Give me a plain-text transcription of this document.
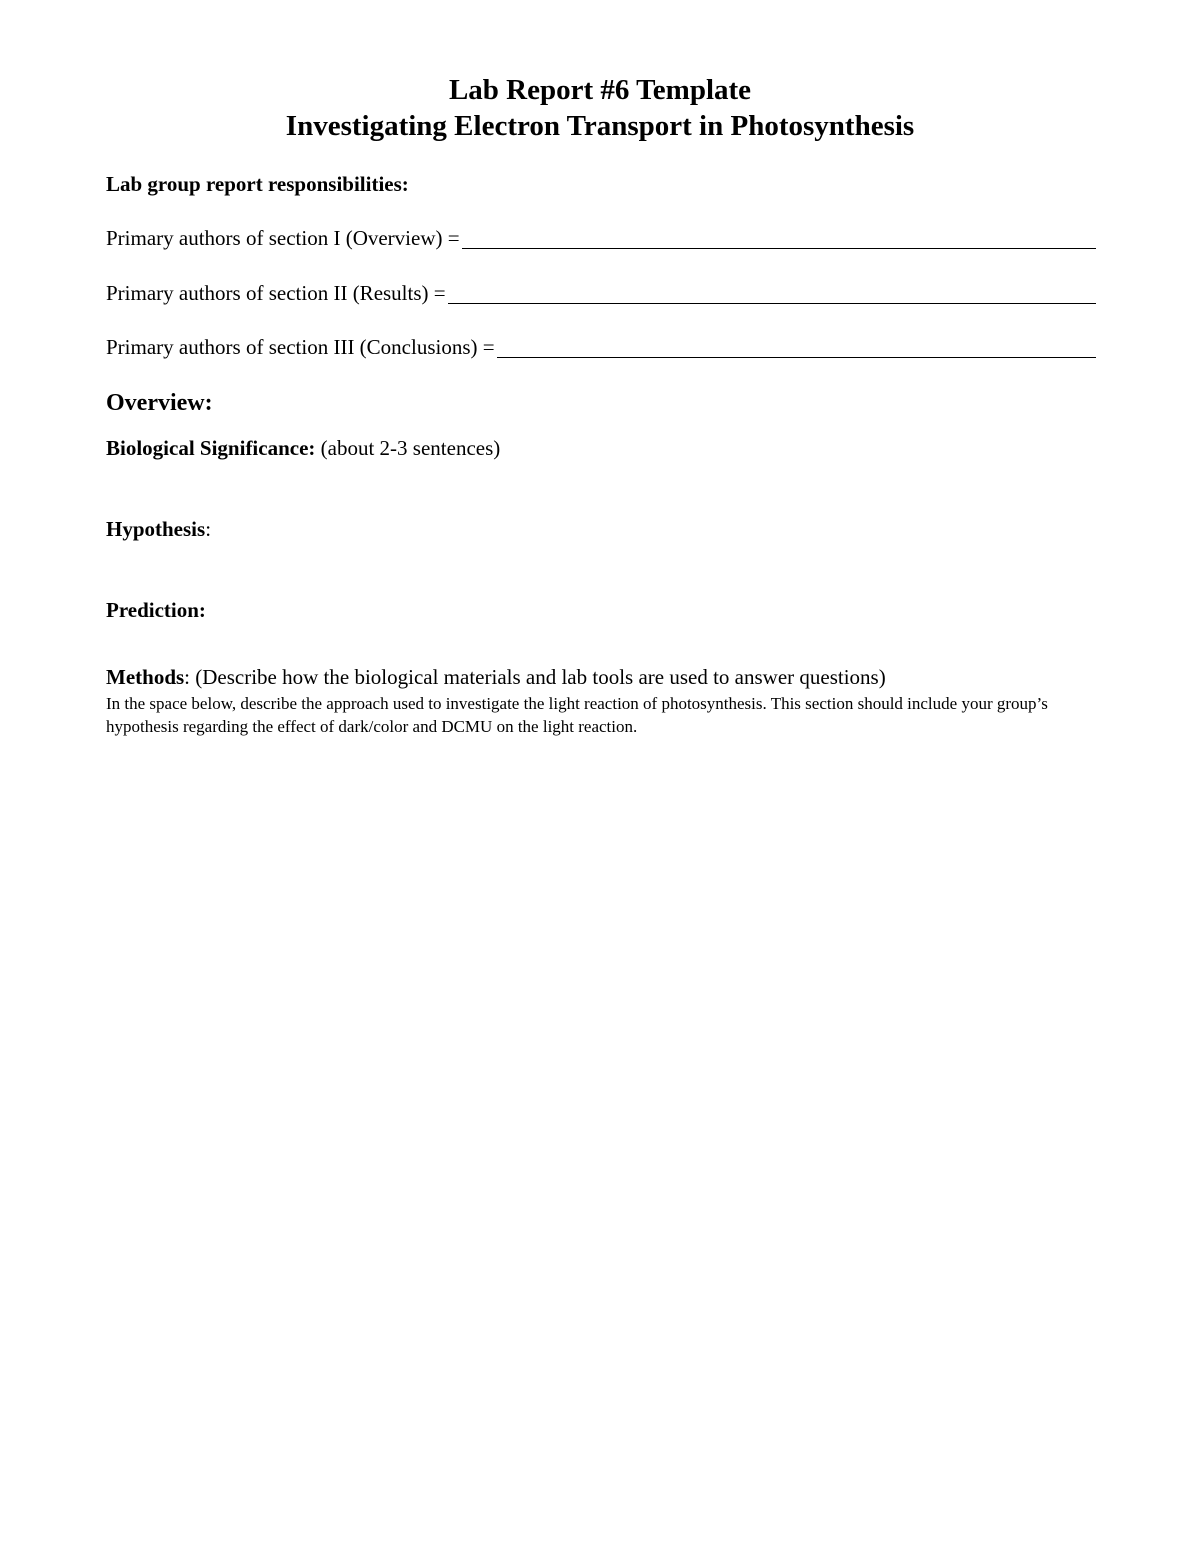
Lab Report #6 Template
Investigating Electron Transport in Photosynthesis
Lab group report responsibilities:
Primary authors of section I (Overview) =
Primary authors of section II (Results) =
Primary authors of section III (Conclusions) =
Overview:
Biological Significance: (about 2-3 sentences)
Hypothesis:
Prediction:
Methods: (Describe how the biological materials and lab tools are used to answer questions)
In the space below, describe the approach used to investigate the light reaction of photosynthesis. This section should include your group’s hypothesis regarding the effect of dark/color and DCMU on the light reaction.
